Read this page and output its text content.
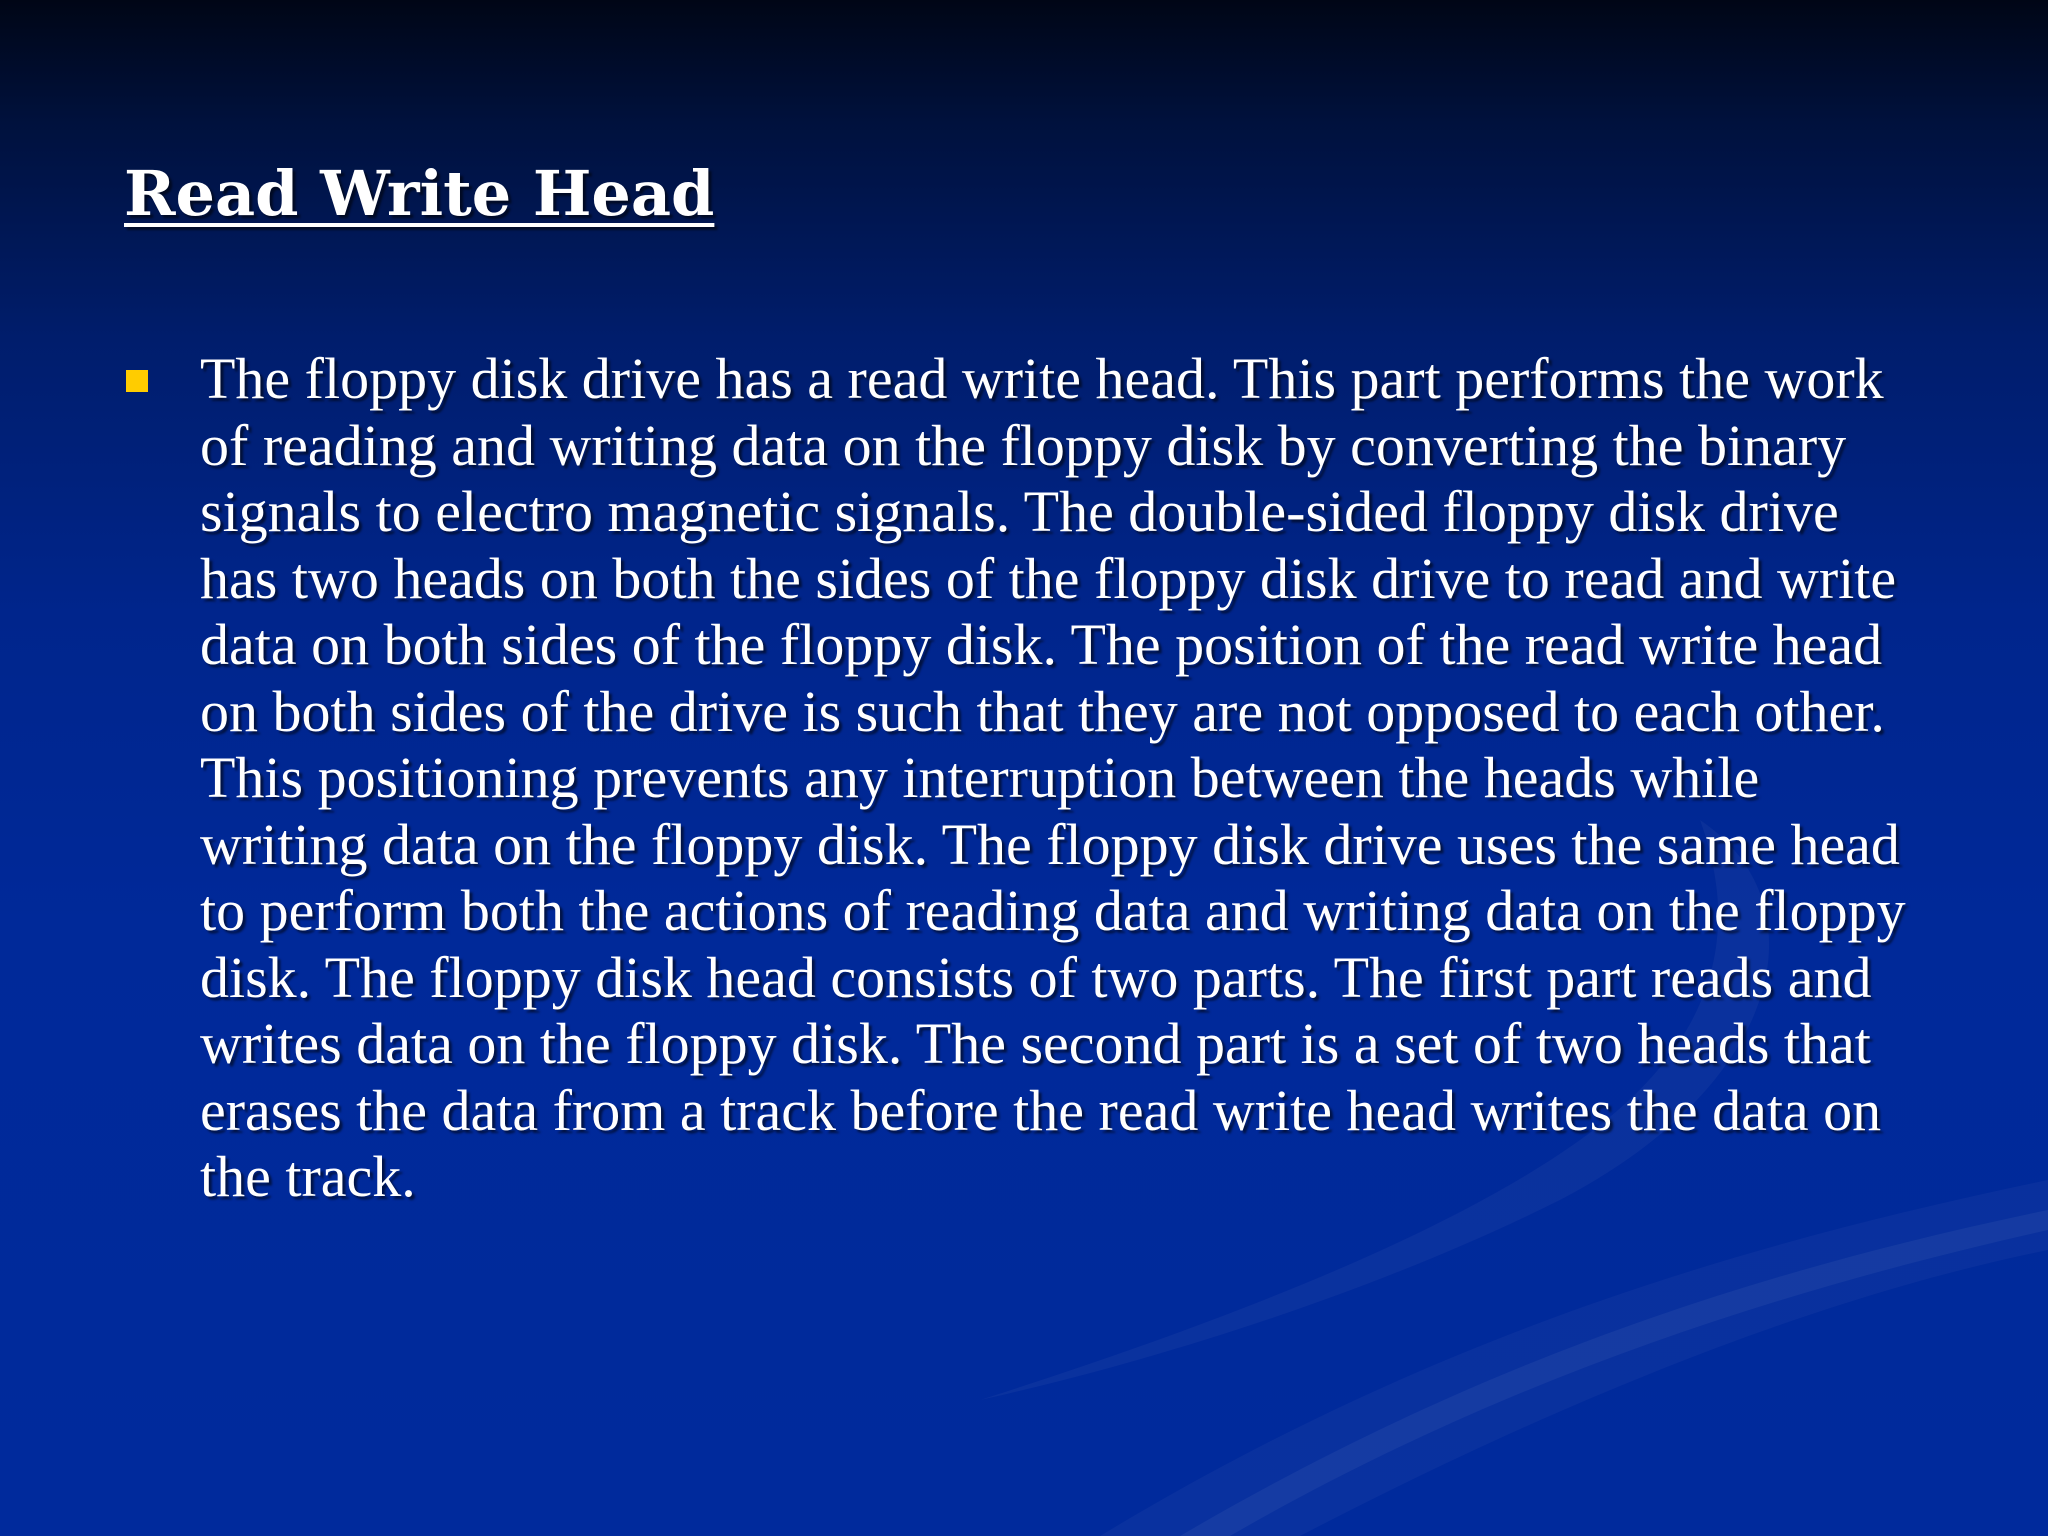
Read Write Head
The floppy disk drive has a read write head. This part performs the work of reading and writing data on the floppy disk by converting the binary signals to electro magnetic signals. The double-sided floppy disk drive has two heads on both the sides of the floppy disk drive to read and write data on both sides of the floppy disk. The position of the read write head on both sides of the drive is such that they are not opposed to each other. This positioning prevents any interruption between the heads while writing data on the floppy disk. The floppy disk drive uses the same head to perform both the actions of reading data and writing data on the floppy disk. The floppy disk head consists of two parts. The first part reads and writes data on the floppy disk. The second part is a set of two heads that erases the data from a track before the read write head writes the data on the track.
